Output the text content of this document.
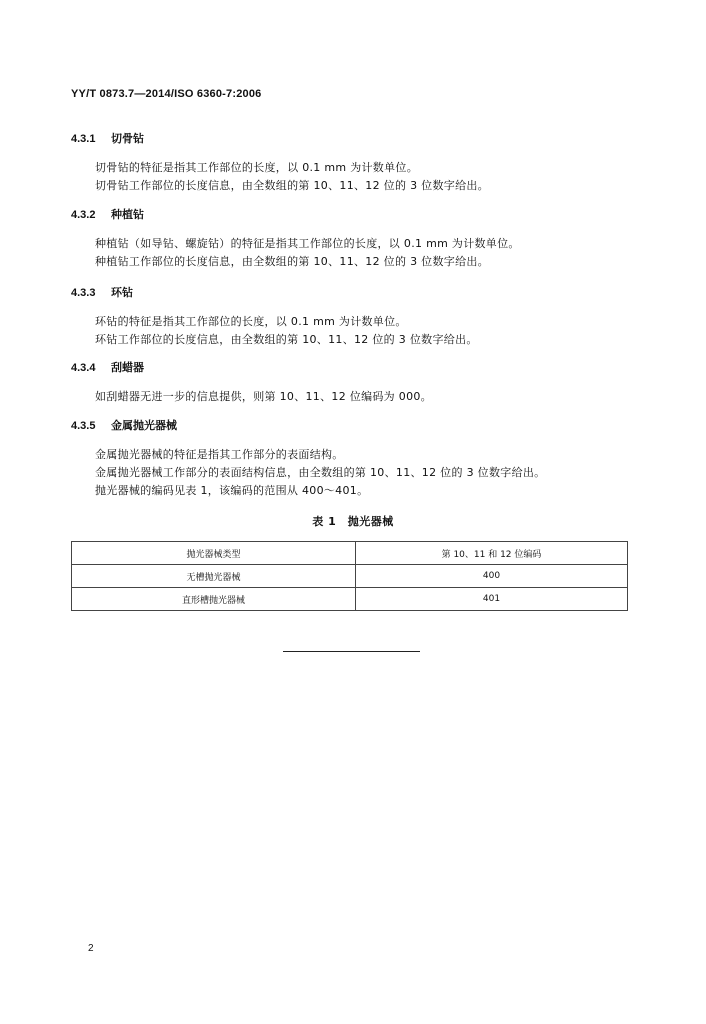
YY/T 0873.7—2014/ISO 6360-7:2006
4.3.1 切骨钻
切骨钻的特征是指其工作部位的长度，以 0.1 mm 为计数单位。
切骨钻工作部位的长度信息，由全数组的第 10、11、12 位的 3 位数字给出。
4.3.2 种植钻
种植钻（如导钻、螺旋钻）的特征是指其工作部位的长度，以 0.1 mm 为计数单位。
种植钻工作部位的长度信息，由全数组的第 10、11、12 位的 3 位数字给出。
4.3.3 环钻
环钻的特征是指其工作部位的长度，以 0.1 mm 为计数单位。
环钻工作部位的长度信息，由全数组的第 10、11、12 位的 3 位数字给出。
4.3.4 刮蜡器
如刮蜡器无进一步的信息提供，则第 10、11、12 位编码为 000。
4.3.5 金属抛光器械
金属抛光器械的特征是指其工作部分的表面结构。
金属抛光器械工作部分的表面结构信息，由全数组的第 10、11、12 位的 3 位数字给出。
抛光器械的编码见表 1，该编码的范围从 400～401。
表 1　抛光器械
抛光器械类型	第 10、11 和 12 位编码
无槽抛光器械	400
直形槽抛光器械	401
2
